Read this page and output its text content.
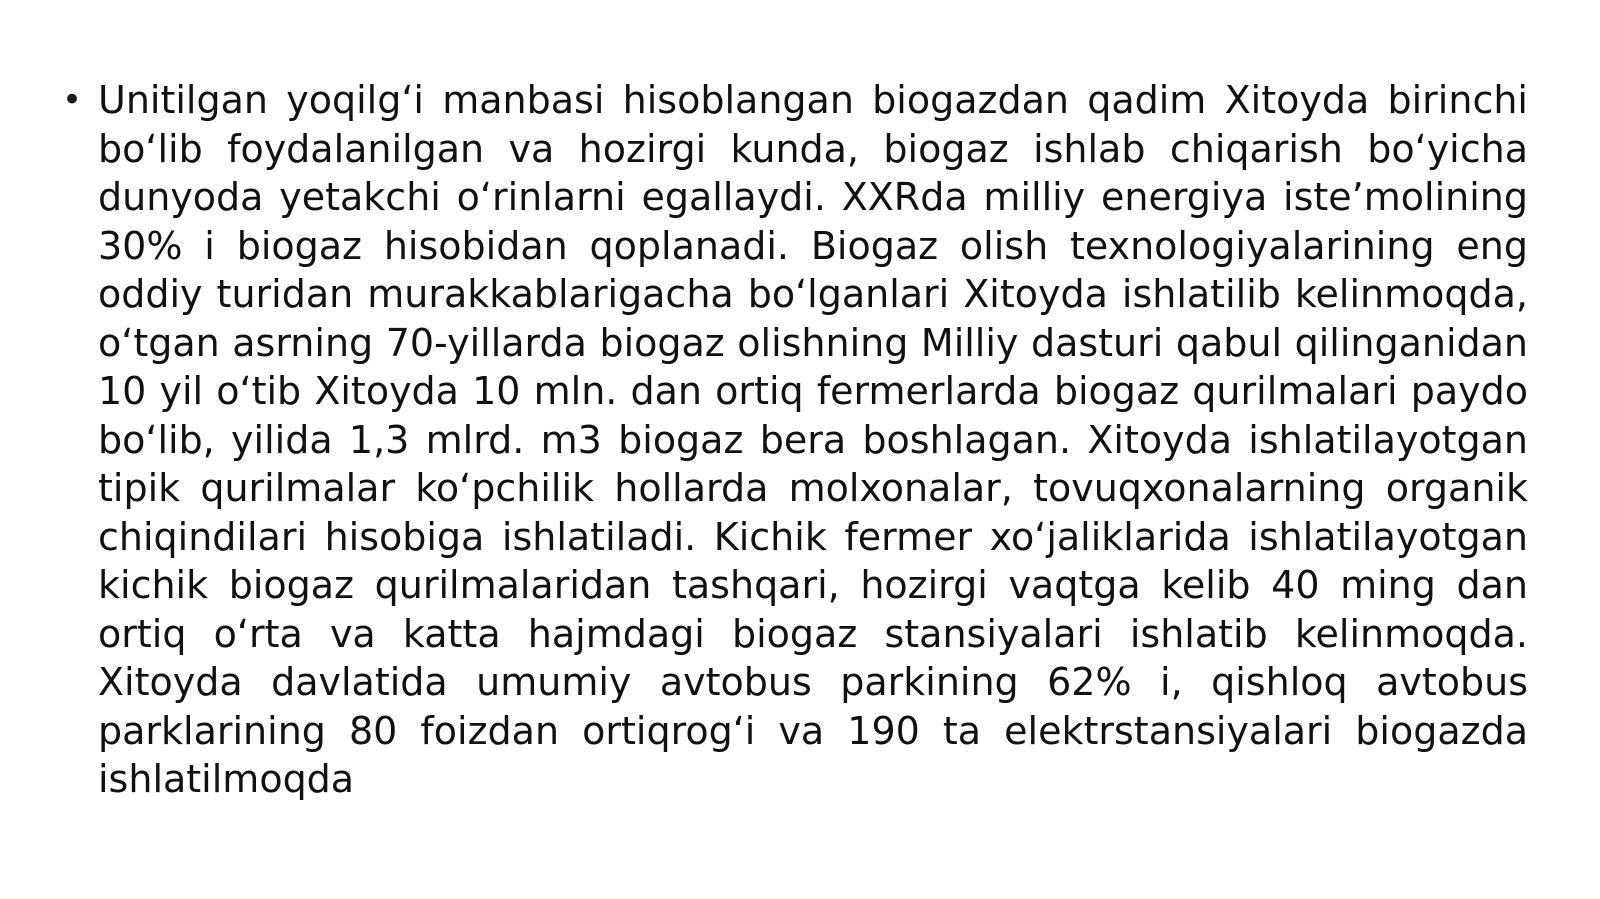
• Unitilgan yoqilg‘i manbasi hisoblangan biogazdan qadim Xitoyda birinchi bo‘lib foydalanilgan va hozirgi kunda, biogaz ishlab chiqarish bo‘yicha dunyoda yetakchi o‘rinlarni egallaydi. XXRda milliy energiya iste’molining 30% i biogaz hisobidan qoplanadi. Biogaz olish texnologiyalarining eng oddiy turidan murakkablarigacha bo‘lganlari Xitoyda ishlatilib kelinmoqda, o‘tgan asrning 70-yillarda biogaz olishning Milliy dasturi qabul qilinganidan 10 yil o‘tib Xitoyda 10 mln. dan ortiq fermerlarda biogaz qurilmalari paydo bo‘lib, yilida 1,3 mlrd. m3 biogaz bera boshlagan. Xitoyda ishlatilayotgan tipik qurilmalar ko‘pchilik hollarda molxonalar, tovuqxonalarning organik chiqindilari hisobiga ishlatiladi. Kichik fermer xo‘jaliklarida ishlatilayotgan kichik biogaz qurilmalaridan tashqari, hozirgi vaqtga kelib 40 ming dan ortiq o‘rta va katta hajmdagi biogaz stansiyalari ishlatib kelinmoqda. Xitoyda davlatida umumiy avtobus parkining 62% i, qishloq avtobus parklarining 80 foizdan ortiqrog‘i va 190 ta elektrstansiyalari biogazda ishlatilmoqda
